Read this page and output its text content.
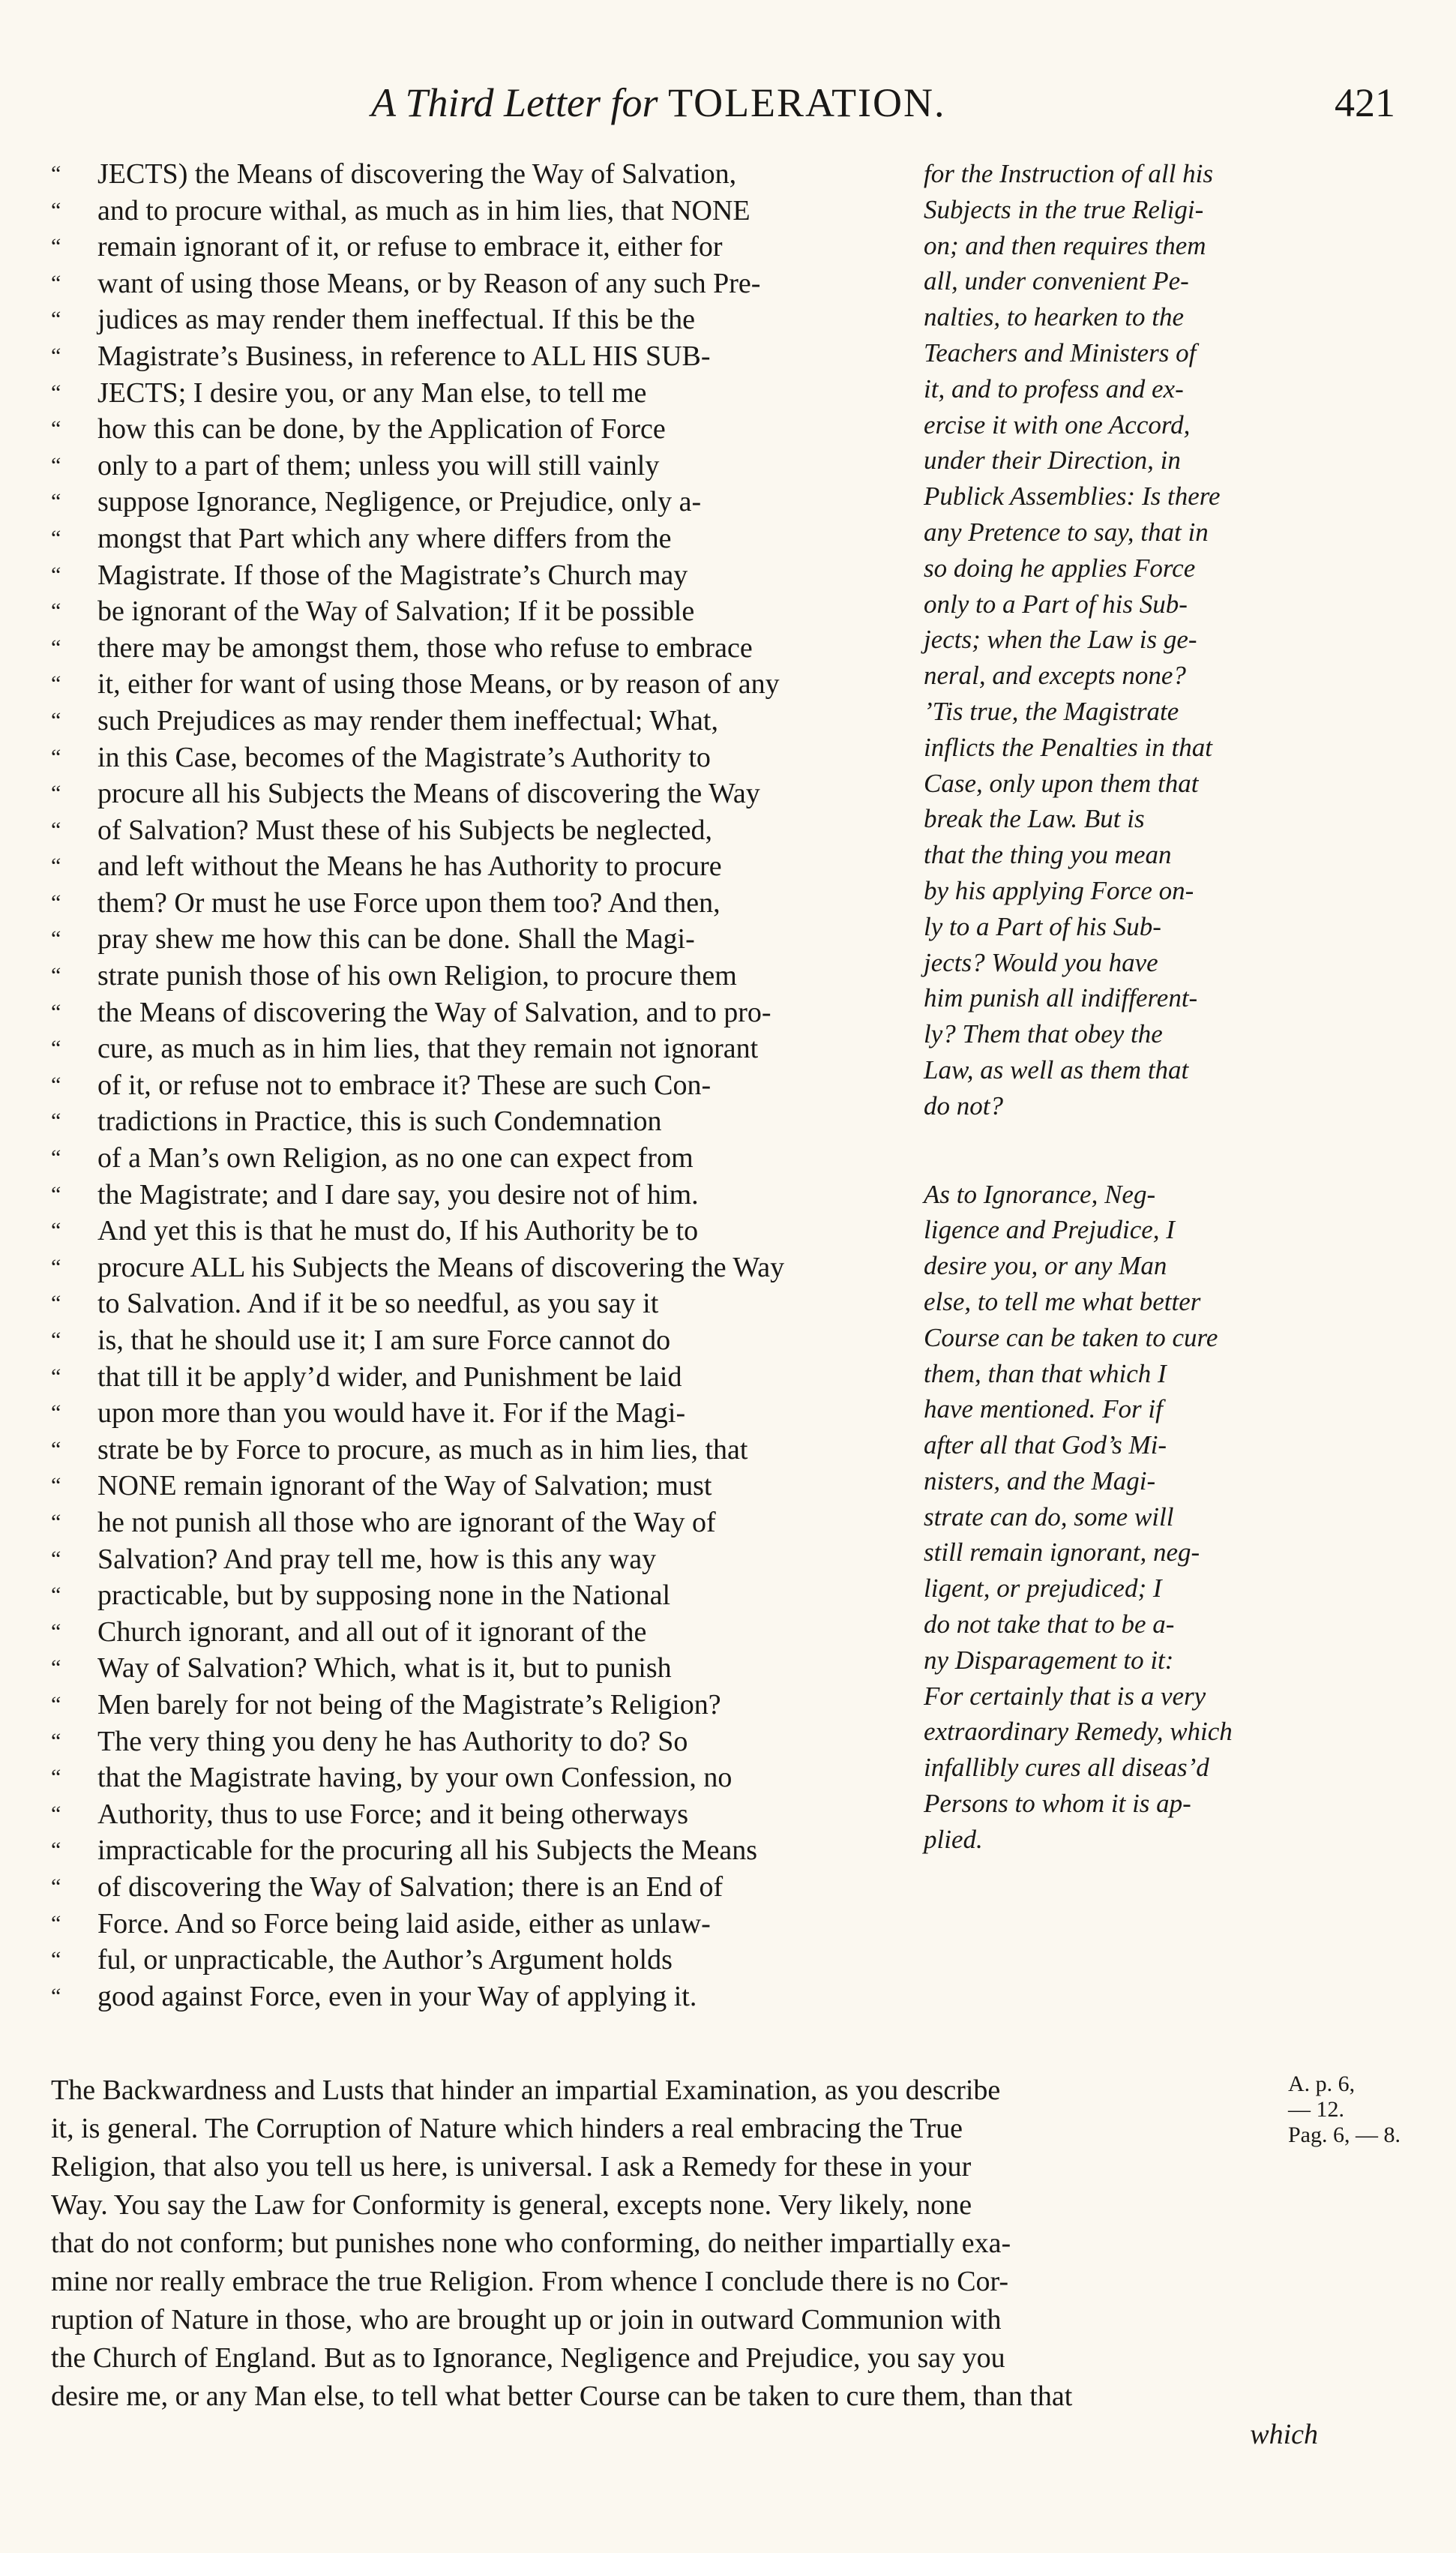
A Third Letter for TOLERATION.	421
“ JECTS) the Means of discovering the Way of Salvation,
“ and to procure withal, as much as in him lies, that NONE
“ remain ignorant of it, or refuse to embrace it, either for
“ want of using those Means, or by Reason of any such Pre-
“ judices as may render them ineffectual. If this be the
“ Magistrate’s Business, in reference to ALL HIS SUB-
“ JECTS; I desire you, or any Man else, to tell me
“ how this can be done, by the Application of Force
“ only to a part of them; unless you will still vainly
“ suppose Ignorance, Negligence, or Prejudice, only a-
“ mongst that Part which any where differs from the
“ Magistrate. If those of the Magistrate’s Church may
“ be ignorant of the Way of Salvation; If it be possible
“ there may be amongst them, those who refuse to embrace
“ it, either for want of using those Means, or by reason of any
“ such Prejudices as may render them ineffectual; What,
“ in this Case, becomes of the Magistrate’s Authority to
“ procure all his Subjects the Means of discovering the Way
“ of Salvation? Must these of his Subjects be neglected,
“ and left without the Means he has Authority to procure
“ them? Or must he use Force upon them too? And then,
“ pray shew me how this can be done. Shall the Magi-
“ strate punish those of his own Religion, to procure them
“ the Means of discovering the Way of Salvation, and to pro-
“ cure, as much as in him lies, that they remain not ignorant
“ of it, or refuse not to embrace it? These are such Con-
“ tradictions in Practice, this is such Condemnation
“ of a Man’s own Religion, as no one can expect from
“ the Magistrate; and I dare say, you desire not of him.
“ And yet this is that he must do, If his Authority be to
“ procure ALL his Subjects the Means of discovering the Way
“ to Salvation. And if it be so needful, as you say it
“ is, that he should use it; I am sure Force cannot do
“ that till it be apply’d wider, and Punishment be laid
“ upon more than you would have it. For if the Magi-
“ strate be by Force to procure, as much as in him lies, that
“ NONE remain ignorant of the Way of Salvation; must
“ he not punish all those who are ignorant of the Way of
“ Salvation? And pray tell me, how is this any way
“ practicable, but by supposing none in the National
“ Church ignorant, and all out of it ignorant of the
“ Way of Salvation? Which, what is it, but to punish
“ Men barely for not being of the Magistrate’s Religion?
“ The very thing you deny he has Authority to do? So
“ that the Magistrate having, by your own Confession, no
“ Authority, thus to use Force; and it being otherways
“ impracticable for the procuring all his Subjects the Means
“ of discovering the Way of Salvation; there is an End of
“ Force. And so Force being laid aside, either as unlaw-
“ ful, or unpracticable, the Author’s Argument holds
“ good against Force, even in your Way of applying it.
for the Instruction of all his
Subjects in the true Religi-
on; and then requires them
all, under convenient Pe-
nalties, to hearken to the
Teachers and Ministers of
it, and to profess and ex-
ercise it with one Accord,
under their Direction, in
Publick Assemblies: Is there
any Pretence to say, that in
so doing he applies Force
only to a Part of his Sub-
jects; when the Law is ge-
neral, and excepts none?
’Tis true, the Magistrate
inflicts the Penalties in that
Case, only upon them that
break the Law. But is
that the thing you mean
by his applying Force on-
ly to a Part of his Sub-
jects? Would you have
him punish all indifferent-
ly? Them that obey the
Law, as well as them that
do not?
As to Ignorance, Neg-
ligence and Prejudice, I
desire you, or any Man
else, to tell me what better
Course can be taken to cure
them, than that which I
have mentioned. For if
after all that God’s Mi-
nisters, and the Magi-
strate can do, some will
still remain ignorant, neg-
ligent, or prejudiced; I
do not take that to be a-
ny Disparagement to it:
For certainly that is a very
extraordinary Remedy, which
infallibly cures all diseas’d
Persons to whom it is ap-
plied.
The Backwardness and Lusts that hinder an impartial Examination, as you describe
it, is general. The Corruption of Nature which hinders a real embracing the True
Religion, that also you tell us here, is universal. I ask a Remedy for these in your
Way. You say the Law for Conformity is general, excepts none. Very likely, none
that do not conform; but punishes none who conforming, do neither impartially exa-
mine nor really embrace the true Religion. From whence I conclude there is no Cor-
ruption of Nature in those, who are brought up or join in outward Communion with
the Church of England. But as to Ignorance, Negligence and Prejudice, you say you
desire me, or any Man else, to tell what better Course can be taken to cure them, than that
which
A. p. 6,
— 12.
Pag. 6, — 8.
